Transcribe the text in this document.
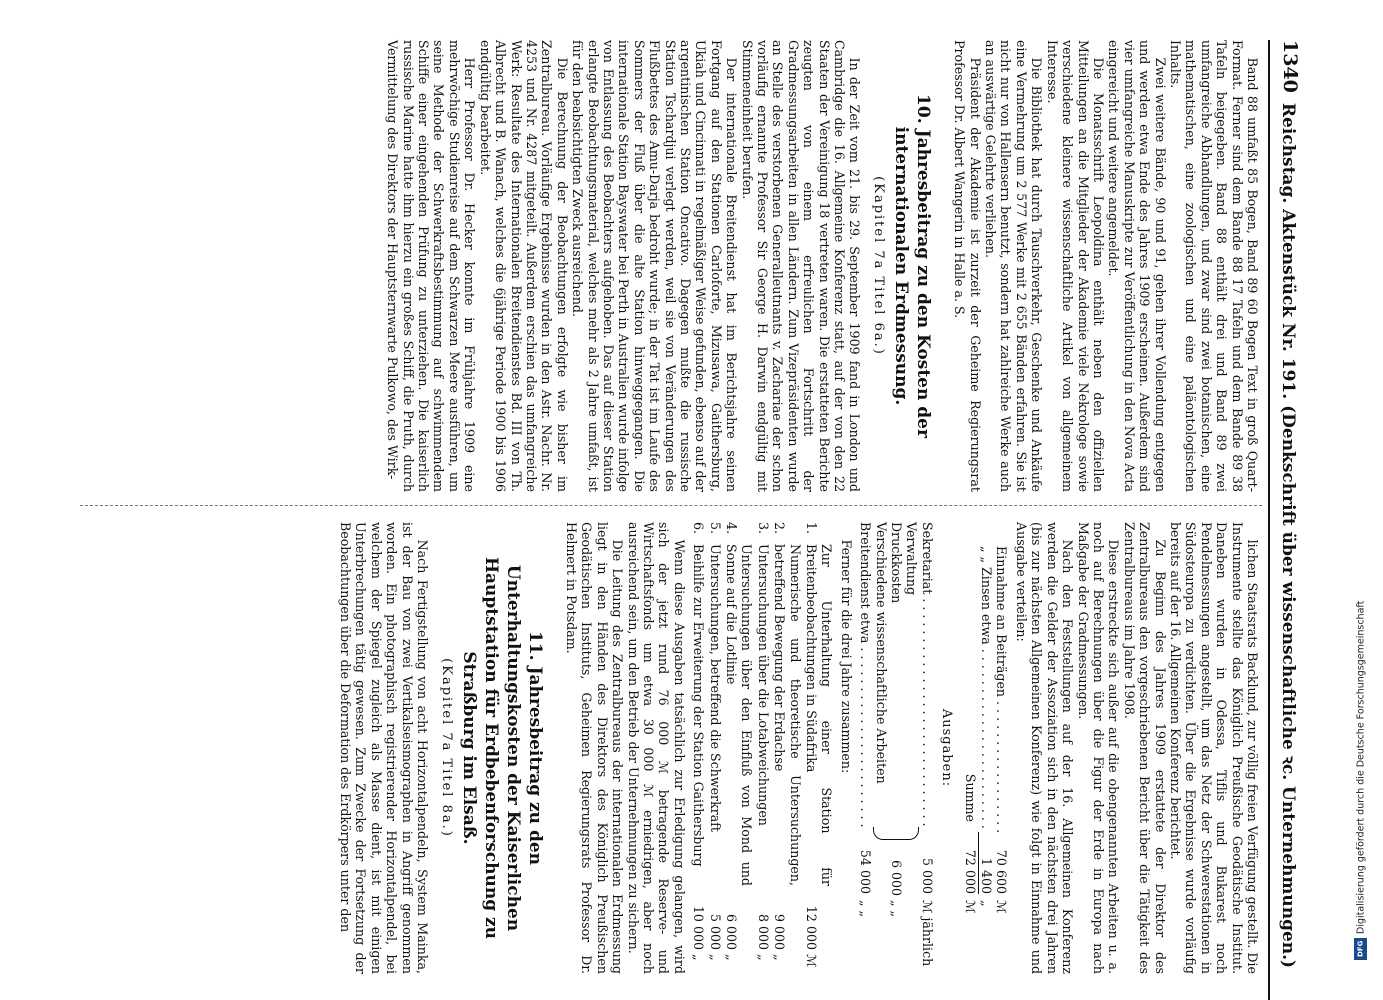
1340
Reichstag. Aktenstück Nr. 191. (Denkschrift über wissenschaftliche ꝛc. Unternehmungen.)

Band 88 umfaßt 85 Bogen, Band 89 60 Bogen Text in groß Quart-Format. Ferner sind dem Bande 88 17 Tafeln und dem Bande 89 38 Tafeln beigegeben. Band 88 enthält drei und Band 89 zwei umfangreiche Abhandlungen, und zwar sind zwei botanischen, eine mathematischen, eine zoologischen und eine paläontologischen Inhalts.

Zwei weitere Bände, 90 und 91, gehen ihrer Vollendung entgegen und werden etwa Ende des Jahres 1909 erscheinen. Außerdem sind vier umfangreiche Manuskripte zur Veröffentlichung in den Nova Acta eingereicht und weitere angemeldet.

Die Monatsschrift Leopoldina enthält neben den offiziellen Mitteilungen an die Mitglieder der Akademie viele Nekrologe sowie verschiedene kleinere wissenschaftliche Artikel von allgemeinem Interesse.

Die Bibliothek hat durch Tauschverkehr, Geschenke und Ankäufe eine Vermehrung um 2 577 Werke mit 2 655 Bänden erfahren. Sie ist nicht nur von Hallensern benutzt, sondern hat zahlreiche Werke auch an auswärtige Gelehrte verliehen.

Präsident der Akademie ist zurzeit der Geheime Regierungsrat Professor Dr. Albert Wangerin in Halle a. S.

10. Jahresbeitrag zu den Kosten der internationalen Erdmessung.
(Kapitel 7a Titel 6a.)

In der Zeit vom 21. bis 29. September 1909 fand in London und Cambridge die 16. Allgemeine Konferenz statt, auf der von den 22 Staaten der Vereinigung 18 vertreten waren. Die erstatteten Berichte zeugten von einem erfreulichen Fortschritt der Gradmessungsarbeiten in allen Ländern. Zum Vizepräsidenten wurde an Stelle des verstorbenen Generalleutnants v. Zachariae der schon vorläufig ernannte Professor Sir George H. Darwin endgültig mit Stimmeneinheit berufen.

Der internationale Breitendienst hat im Berichtsjahre seinen Fortgang auf den Stationen Carloforte, Mizusawa, Gaithersburg, Ukiah und Cincinnati in regelmäßiger Weise gefunden, ebenso auf der argentinischen Station Oncativo. Dagegen mußte die russische Station Tschardjui verlegt werden, weil sie von Veränderungen des Flußbettes des Amu-Darja bedroht wurde; in der Tat ist im Laufe des Sommers der Fluß über die alte Station hinweggegangen. Die internationale Station Bayswater bei Perth in Australien wurde infolge von Entlassung des Beobachters aufgehoben. Das auf dieser Station erlangte Beobachtungsmaterial, welches mehr als 2 Jahre umfaßt, ist für den beabsichtigten Zweck ausreichend.

Die Berechnung der Beobachtungen erfolgte wie bisher im Zentralbureau. Vorläufige Ergebnisse wurden in den Astr. Nachr. Nr. 4253 und Nr. 4287 mitgeteilt. Außerdem erschien das umfangreiche Werk: Resultate des Internationalen Breitendienstes Bd. III von Th. Albrecht und B. Wanach, welches die 6jährige Periode 1900 bis 1906 endgültig bearbeitet.

Herr Professor Dr. Hecker konnte im Frühjahre 1909 eine mehrwöchige Studienreise auf dem Schwarzen Meere ausführen, um seine Methode der Schwerkraftsbestimmung auf schwimmendem Schiffe einer eingehenden Prüfung zu unterziehen. Die kaiserlich russische Marine hatte ihm hierzu ein großes Schiff, die Pruth, durch Vermittelung des Direktors der Hauptsternwarte Pulkowo, des Wirk-

lichen Staatsrats Backlund, zur völlig freien Verfügung gestellt. Die Instrumente stellte das Königlich Preußische Geodätische Institut. Daneben wurden in Odessa, Tiflis und Bukarest noch Pendelmessungen angestellt, um das Netz der Schwerestationen in Südosteuropa zu verdichten. Über die Ergebnisse wurde vorläufig bereits auf der 16. Allgemeinen Konferenz berichtet.

Zu Beginn des Jahres 1909 erstattete der Direktor des Zentralbureaus den vorgeschriebenen Bericht über die Tätigkeit des Zentralbureaus im Jahre 1908.

Diese erstreckte sich außer auf die obengenannten Arbeiten u. a. noch auf Berechnungen über die Figur der Erde in Europa nach Maßgabe der Gradmessungen.

Nach den Feststellungen auf der 16. Allgemeinen Konferenz werden die Gelder der Assoziation sich in den nächsten drei Jahren (bis zur nächsten Allgemeinen Konferenz) wie folgt in Einnahme und Ausgabe verteilen:

Einnahme an Beiträgen . . .
70 600
ℳ
„ „ Zinsen etwa . . .
1 400
„
Summe
72 000
ℳ
Ausgaben:
Sekretariat . . .
5 000
ℳ jährlich
Verwaltung
Druckkosten
Verschiedene wissenschaftliche Arbeiten
6 000
„ „
Breitendienst etwa . . .
54 000
„ „

Ferner für die drei Jahre zusammen:

1.
Zur Unterhaltung einer Station für Breitenbeobachtungen in Südafrika
12 000
ℳ
2.
Numerische und theoretische Untersuchungen, betreffend Bewegung der Erdachse
9 000
„
3.
Untersuchungen über die Lotabweichungen
8 000
„
4.
Untersuchungen über den Einfluß von Mond und Sonne auf die Lotlinie
6 000
„
5.
Untersuchungen, betreffend die Schwerkraft
5 000
„
6.
Beihilfe zur Erweiterung der Station Gaithersburg
10 000
„

Wenn diese Ausgaben tatsächlich zur Erledigung gelangen, wird sich der jetzt rund 76 000 ℳ betragende Reserve- und Wirtschaftsfonds um etwa 30 000 ℳ erniedrigen, aber noch ausreichend sein, um den Betrieb der Unternehmungen zu sichern.

Die Leitung des Zentralbureaus der internationalen Erdmessung liegt in den Händen des Direktors des Königlich Preußischen Geodätischen Instituts, Geheimen Regierungsrats Professor Dr. Helmert in Potsdam.

11. Jahresbeitrag zu den Unterhaltungskosten der Kaiserlichen Hauptstation für Erdbebenforschung zu Straßburg im Elsaß.
(Kapitel 7a Titel 8a.)

Nach Fertigstellung von acht Horizontalpendeln, System Mainka, ist der Bau von zwei Vertikalseismographen in Angriff genommen worden. Ein photographisch registrierender Horizontalpendel, bei welchem der Spiegel zugleich als Masse dient, ist mit einigen Unterbrechungen tätig gewesen. Zum Zwecke der Fortsetzung der Beobachtungen über die Deformation des Erdkörpers unter den

DFG
Digitalisierung gefördert durch die Deutsche Forschungsgemeinschaft
